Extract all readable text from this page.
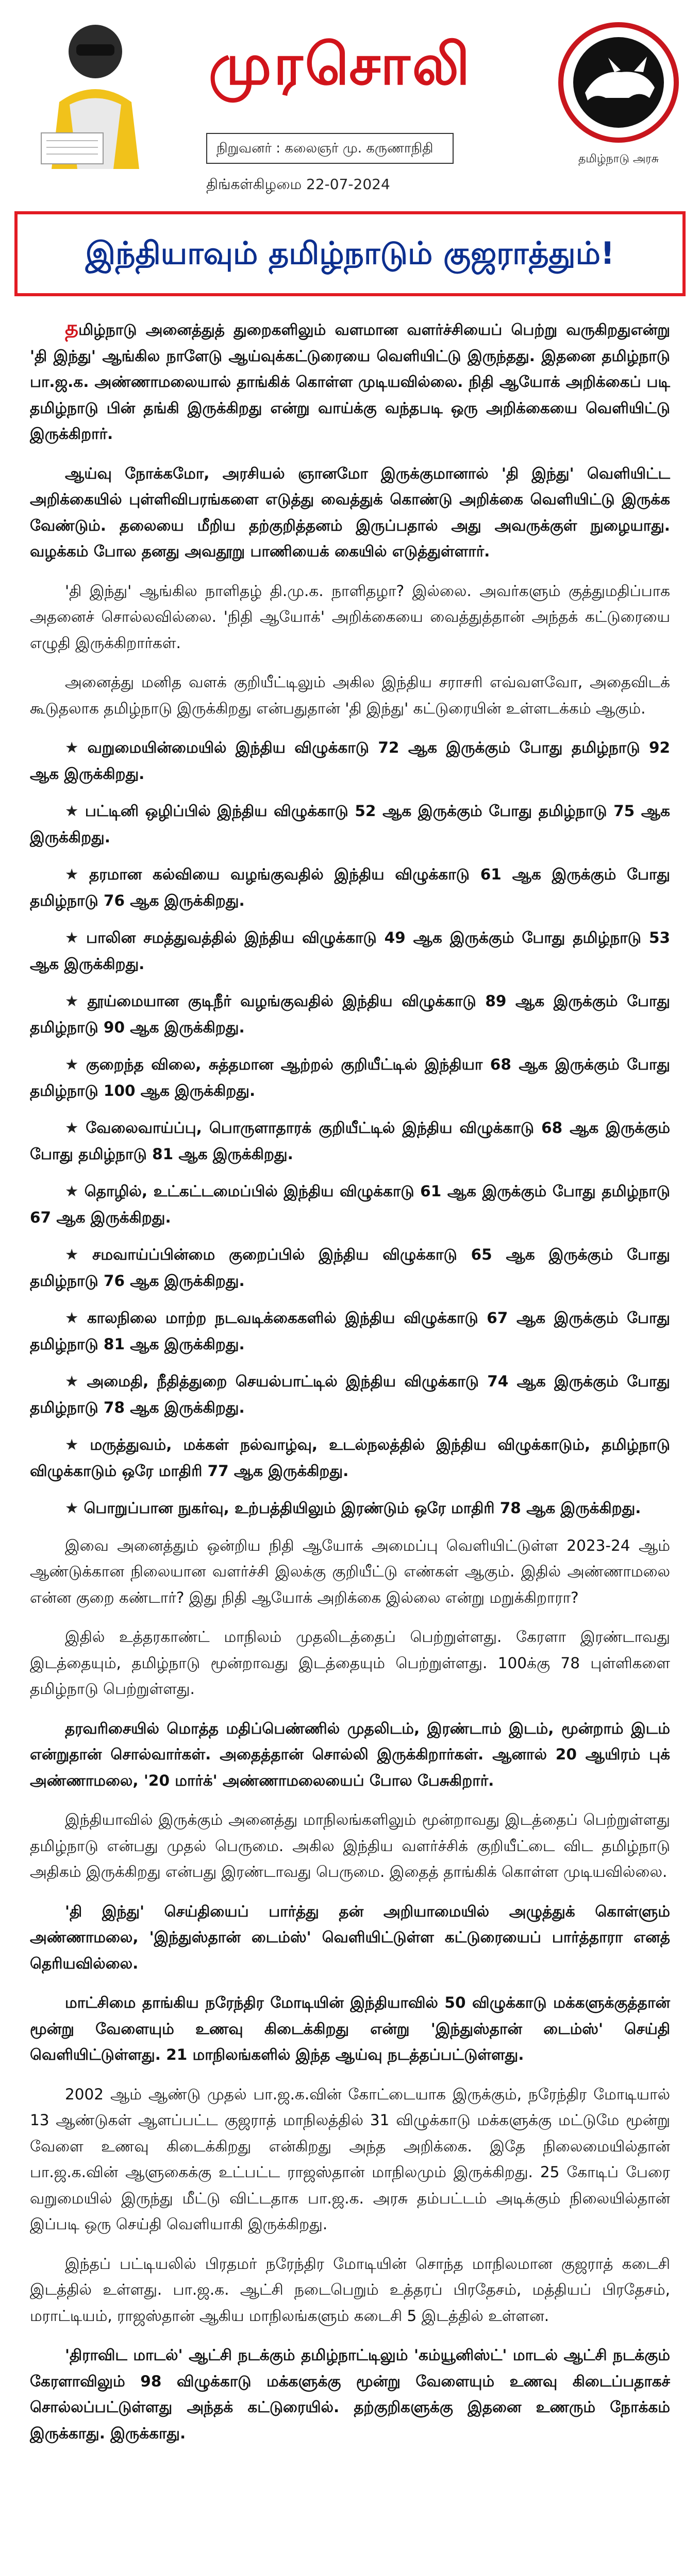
முரசொலி
நிறுவனர் : கலைஞர் மு. கருணாநிதி
திங்கள்கிழமை 22-07-2024
தமிழ்நாடு அரசு
இந்தியாவும் தமிழ்நாடும் குஜராத்தும்!

தமிழ்நாடு அனைத்துத் துறைகளிலும் வளமான வளர்ச்சியைப் பெற்று வருகிறதுஎன்று 'தி இந்து' ஆங்கில நாளேடு ஆய்வுக்கட்டுரையை வெளியிட்டு இருந்தது. இதனை தமிழ்நாடு பா.ஜ.க. அண்ணாமலையால் தாங்கிக் கொள்ள முடியவில்லை. நிதி ஆயோக் அறிக்கைப் படி தமிழ்நாடு பின் தங்கி இருக்கிறது என்று வாய்க்கு வந்தபடி ஒரு அறிக்கையை வெளியிட்டு இருக்கிறார்.

ஆய்வு நோக்கமோ, அரசியல் ஞானமோ இருக்குமானால் 'தி இந்து' வெளியிட்ட அறிக்கையில் புள்ளிவிபரங்களை எடுத்து வைத்துக் கொண்டு அறிக்கை வெளியிட்டு இருக்க வேண்டும். தலையை மீறிய தற்குறித்தனம் இருப்பதால் அது அவருக்குள் நுழையாது. வழக்கம் போல தனது அவதூறு பாணியைக் கையில் எடுத்துள்ளார்.

'தி இந்து' ஆங்கில நாளிதழ் தி.மு.க. நாளிதழா? இல்லை. அவர்களும் குத்துமதிப்பாக அதனைச் சொல்லவில்லை. 'நிதி ஆயோக்' அறிக்கையை வைத்துத்தான் அந்தக் கட்டுரையை எழுதி இருக்கிறார்கள்.

அனைத்து மனித வளக் குறியீட்டிலும் அகில இந்திய சராசரி எவ்வளவோ, அதைவிடக் கூடுதலாக தமிழ்நாடு இருக்கிறது என்பதுதான் 'தி இந்து' கட்டுரையின் உள்ளடக்கம் ஆகும்.

★ வறுமையின்மையில் இந்திய விழுக்காடு 72 ஆக இருக்கும் போது தமிழ்நாடு 92 ஆக இருக்கிறது.

★ பட்டினி ஒழிப்பில் இந்திய விழுக்காடு 52 ஆக இருக்கும் போது தமிழ்நாடு 75 ஆக இருக்கிறது.

★ தரமான கல்வியை வழங்குவதில் இந்திய விழுக்காடு 61 ஆக இருக்கும் போது தமிழ்நாடு 76 ஆக இருக்கிறது.

★ பாலின சமத்துவத்தில் இந்திய விழுக்காடு 49 ஆக இருக்கும் போது தமிழ்நாடு 53 ஆக இருக்கிறது.

★ தூய்மையான குடிநீர் வழங்குவதில் இந்திய விழுக்காடு 89 ஆக இருக்கும் போது தமிழ்நாடு 90 ஆக இருக்கிறது.

★ குறைந்த விலை, சுத்தமான ஆற்றல் குறியீட்டில் இந்தியா 68 ஆக இருக்கும் போது தமிழ்நாடு 100 ஆக இருக்கிறது.

★ வேலைவாய்ப்பு, பொருளாதாரக் குறியீட்டில் இந்திய விழுக்காடு 68 ஆக இருக்கும் போது தமிழ்நாடு 81 ஆக இருக்கிறது.

★ தொழில், உட்கட்டமைப்பில் இந்திய விழுக்காடு 61 ஆக இருக்கும் போது தமிழ்நாடு 67 ஆக இருக்கிறது.

★ சமவாய்ப்பின்மை குறைப்பில் இந்திய விழுக்காடு 65 ஆக இருக்கும் போது தமிழ்நாடு 76 ஆக இருக்கிறது.

★ காலநிலை மாற்ற நடவடிக்கைகளில் இந்திய விழுக்காடு 67 ஆக இருக்கும் போது தமிழ்நாடு 81 ஆக இருக்கிறது.

★ அமைதி, நீதித்துறை செயல்பாட்டில் இந்திய விழுக்காடு 74 ஆக இருக்கும் போது தமிழ்நாடு 78 ஆக இருக்கிறது.

★ மருத்துவம், மக்கள் நல்வாழ்வு, உடல்நலத்தில் இந்திய விழுக்காடும், தமிழ்நாடு விழுக்காடும் ஒரே மாதிரி 77 ஆக இருக்கிறது.

★ பொறுப்பான நுகர்வு, உற்பத்தியிலும் இரண்டும் ஒரே மாதிரி 78 ஆக இருக்கிறது.

இவை அனைத்தும் ஒன்றிய நிதி ஆயோக் அமைப்பு வெளியிட்டுள்ள 2023-24 ஆம் ஆண்டுக்கான நிலையான வளர்ச்சி இலக்கு குறியீட்டு எண்கள் ஆகும். இதில் அண்ணாமலை என்ன குறை கண்டார்? இது நிதி ஆயோக் அறிக்கை இல்லை என்று மறுக்கிறாரா?

இதில் உத்தரகாண்ட் மாநிலம் முதலிடத்தைப் பெற்றுள்ளது. கேரளா இரண்டாவது இடத்தையும், தமிழ்நாடு மூன்றாவது இடத்தையும் பெற்றுள்ளது. 100க்கு 78 புள்ளிகளை தமிழ்நாடு பெற்றுள்ளது.

தரவரிசையில் மொத்த மதிப்பெண்ணில் முதலிடம், இரண்டாம் இடம், மூன்றாம் இடம் என்றுதான் சொல்வார்கள். அதைத்தான் சொல்லி இருக்கிறார்கள். ஆனால் 20 ஆயிரம் புக் அண்ணாமலை, '20 மார்க்' அண்ணாமலையைப் போல பேசுகிறார்.

இந்தியாவில் இருக்கும் அனைத்து மாநிலங்களிலும் மூன்றாவது இடத்தைப் பெற்றுள்ளது தமிழ்நாடு என்பது முதல் பெருமை. அகில இந்திய வளர்ச்சிக் குறியீட்டை விட தமிழ்நாடு அதிகம் இருக்கிறது என்பது இரண்டாவது பெருமை. இதைத் தாங்கிக் கொள்ள முடியவில்லை.

'தி இந்து' செய்தியைப் பார்த்து தன் அறியாமையில் அழுத்துக் கொள்ளும் அண்ணாமலை, 'இந்துஸ்தான் டைம்ஸ்' வெளியிட்டுள்ள கட்டுரையைப் பார்த்தாரா எனத் தெரியவில்லை.

மாட்சிமை தாங்கிய நரேந்திர மோடியின் இந்தியாவில் 50 விழுக்காடு மக்களுக்குத்தான் மூன்று வேளையும் உணவு கிடைக்கிறது என்று 'இந்துஸ்தான் டைம்ஸ்' செய்தி வெளியிட்டுள்ளது. 21 மாநிலங்களில் இந்த ஆய்வு நடத்தப்பட்டுள்ளது.

2002 ஆம் ஆண்டு முதல் பா.ஜ.க.வின் கோட்டையாக இருக்கும், நரேந்திர மோடியால் 13 ஆண்டுகள் ஆளப்பட்ட குஜராத் மாநிலத்தில் 31 விழுக்காடு மக்களுக்கு மட்டுமே மூன்று வேளை உணவு கிடைக்கிறது என்கிறது அந்த அறிக்கை. இதே நிலைமையில்தான் பா.ஜ.க.வின் ஆளுகைக்கு உட்பட்ட ராஜஸ்தான் மாநிலமும் இருக்கிறது. 25 கோடிப் பேரை வறுமையில் இருந்து மீட்டு விட்டதாக பா.ஜ.க. அரசு தம்பட்டம் அடிக்கும் நிலையில்தான் இப்படி ஒரு செய்தி வெளியாகி இருக்கிறது.

இந்தப் பட்டியலில் பிரதமர் நரேந்திர மோடியின் சொந்த மாநிலமான குஜராத் கடைசி இடத்தில் உள்ளது. பா.ஜ.க. ஆட்சி நடைபெறும் உத்தரப் பிரதேசம், மத்தியப் பிரதேசம், மராட்டியம், ராஜஸ்தான் ஆகிய மாநிலங்களும் கடைசி 5 இடத்தில் உள்ளன.

'திராவிட மாடல்' ஆட்சி நடக்கும் தமிழ்நாட்டிலும் 'கம்யூனிஸ்ட்' மாடல் ஆட்சி நடக்கும் கேரளாவிலும் 98 விழுக்காடு மக்களுக்கு மூன்று வேளையும் உணவு கிடைப்பதாகச் சொல்லப்பட்டுள்ளது அந்தக் கட்டுரையில். தற்குறிகளுக்கு இதனை உணரும் நோக்கம் இருக்காது. இருக்காது.
